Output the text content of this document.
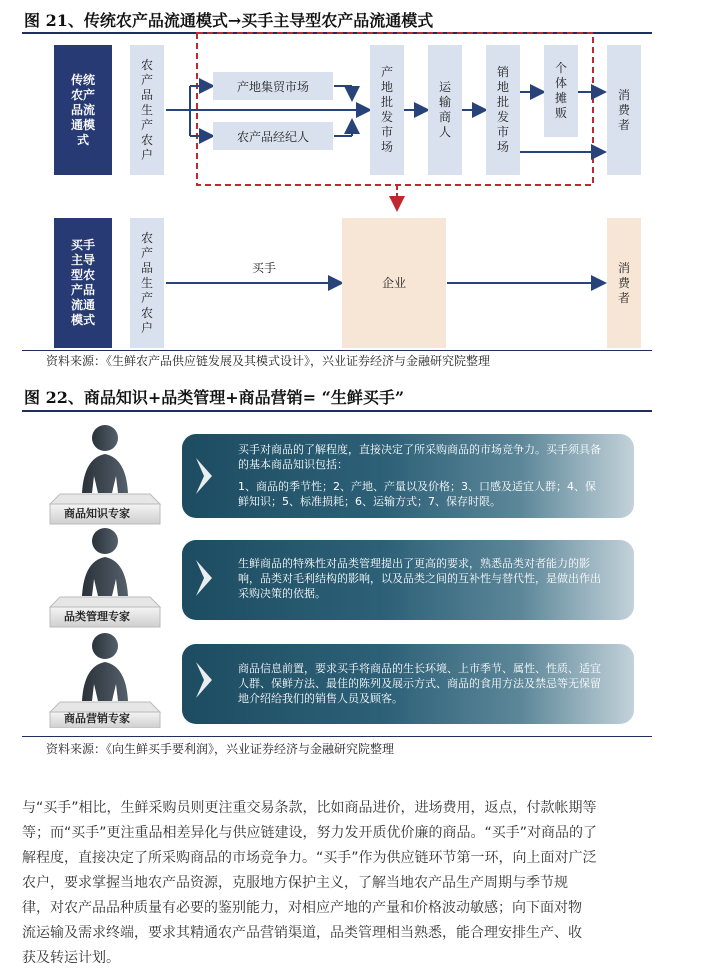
图 21、传统农产品流通模式→买手主导型农产品流通模式
传统
农产
品流
通模
式
农
产
品
生
产
农
户
产地集贸市场
农产品经纪人
产
地
批
发
市
场
运
输
商
人
销
地
批
发
市
场
个
体
摊
贩
消
费
者
买手
主导
型农
产品
流通
模式
农
产
品
生
产
农
户
买手
企业
消
费
者
资料来源：《生鲜农产品供应链发展及其模式设计》，兴业证券经济与金融研究院整理
图 22、商品知识+品类管理+商品营销= “生鲜买手”
商品知识专家
品类管理专家
商品营销专家
买手对商品的了解程度，直接决定了所采购商品的市场竞争力。买手须具备
的基本商品知识包括：
1、商品的季节性；2、产地、产量以及价格；3、口感及适宜人群；4、保
鲜知识；5、标准损耗；6、运输方式；7、保存时限。
生鲜商品的特殊性对品类管理提出了更高的要求，熟悉品类对者能力的影
响，品类对毛利结构的影响，以及品类之间的互补性与替代性，是做出作出
采购决策的依据。
商品信息前置，要求买手将商品的生长环境、上市季节、属性、性质、适宜
人群、保鲜方法、最佳的陈列及展示方式、商品的食用方法及禁忌等无保留
地介绍给我们的销售人员及顾客。
资料来源：《向生鲜买手要利润》，兴业证券经济与金融研究院整理
与“买手”相比，生鲜采购员则更注重交易条款，比如商品进价，进场费用，返点，付款帐期等
等；而“买手”更注重品相差异化与供应链建设，努力发开质优价廉的商品。“买手”对商品的了
解程度，直接决定了所采购商品的市场竞争力。“买手”作为供应链环节第一环，向上面对广泛
农户，要求掌握当地农产品资源，克服地方保护主义，了解当地农产品生产周期与季节规
律，对农产品品种质量有必要的鉴别能力，对相应产地的产量和价格波动敏感；向下面对物
流运输及需求终端，要求其精通农产品营销渠道，品类管理相当熟悉，能合理安排生产、收
获及转运计划。
